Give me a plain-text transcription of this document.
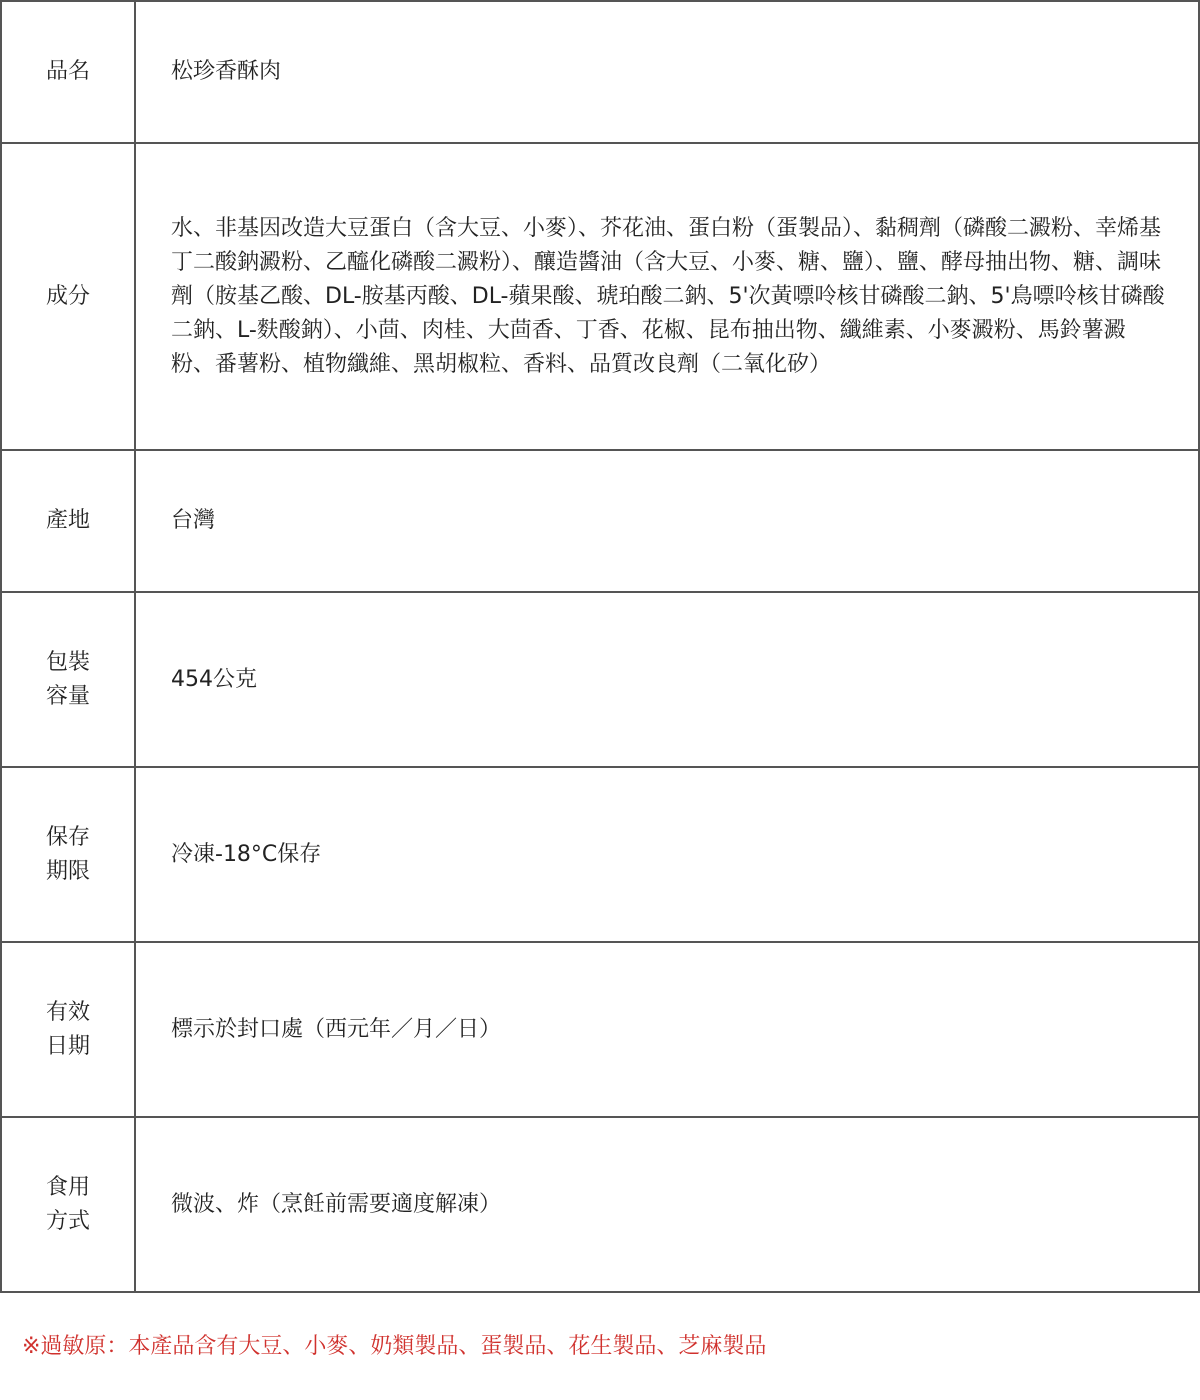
品名	松珍香酥肉
成分	水、非基因改造大豆蛋白（含大豆、小麥）、芥花油、蛋白粉（蛋製品）、黏稠劑（磷酸二澱粉、幸烯基丁二酸鈉澱粉、乙醯化磷酸二澱粉）、釀造醬油（含大豆、小麥、糖、鹽）、鹽、酵母抽出物、糖、調味劑（胺基乙酸、DL-胺基丙酸、DL-蘋果酸、琥珀酸二鈉、5'次黃嘌呤核甘磷酸二鈉、5'鳥嘌呤核甘磷酸二鈉、L-麩酸鈉）、小茴、肉桂、大茴香、丁香、花椒、昆布抽出物、纖維素、小麥澱粉、馬鈴薯澱粉、番薯粉、植物纖維、黑胡椒粒、香料、品質改良劑（二氧化矽）
產地	台灣
包裝容量	454公克
保存期限	冷凍-18°C保存
有效日期	標示於封口處（西元年／月／日）
食用方式	微波、炸（烹飪前需要適度解凍）
※過敏原：本產品含有大豆、小麥、奶類製品、蛋製品、花生製品、芝麻製品
